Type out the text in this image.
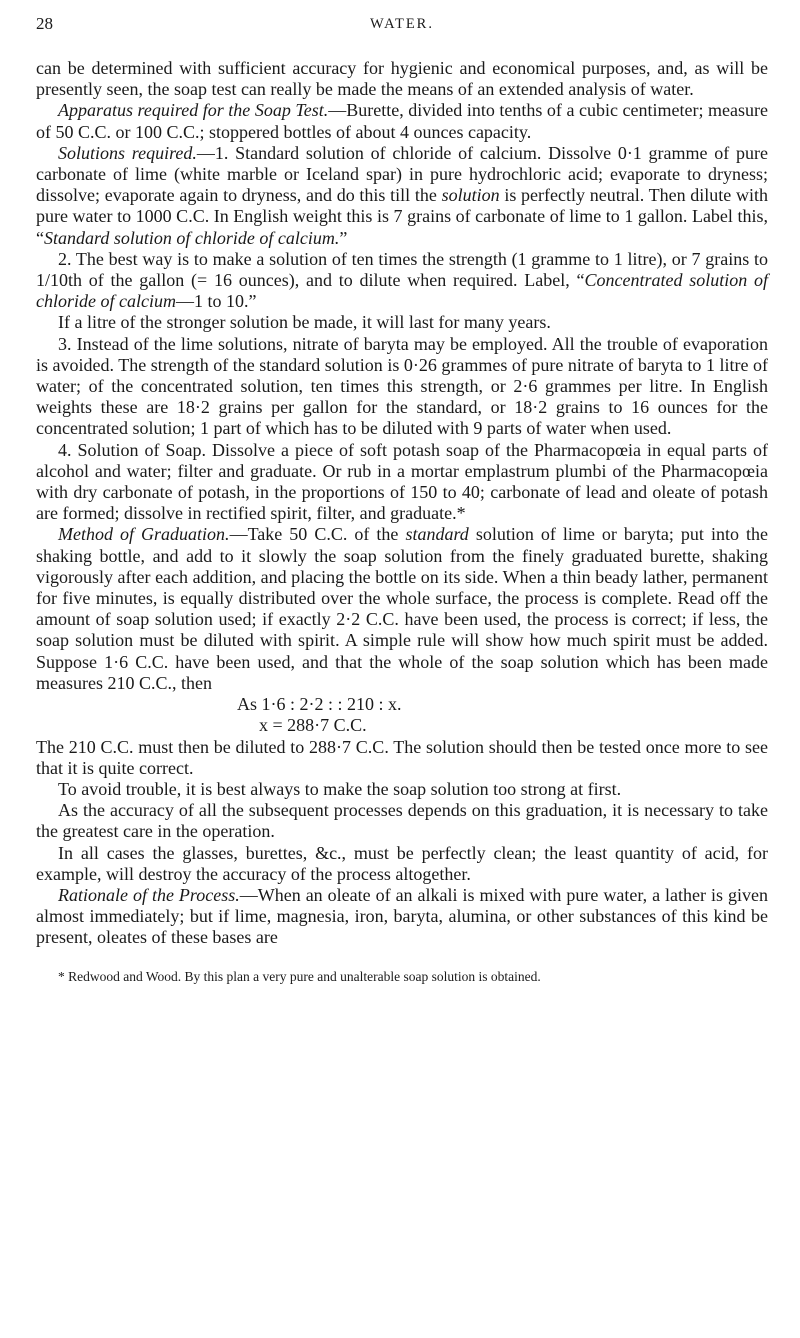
28	WATER.

can be determined with sufficient accuracy for hygienic and economical purposes, and, as will be presently seen, the soap test can really be made the means of an extended analysis of water.

Apparatus required for the Soap Test.—Burette, divided into tenths of a cubic centimeter; measure of 50 C.C. or 100 C.C.; stoppered bottles of about 4 ounces capacity.

Solutions required.—1. Standard solution of chloride of calcium. Dissolve 0·1 gramme of pure carbonate of lime (white marble or Iceland spar) in pure hydrochloric acid; evaporate to dryness; dissolve; evaporate again to dryness, and do this till the solution is perfectly neutral. Then dilute with pure water to 1000 C.C. In English weight this is 7 grains of carbonate of lime to 1 gallon. Label this, “Standard solution of chloride of calcium.”

2. The best way is to make a solution of ten times the strength (1 gramme to 1 litre), or 7 grains to 1/10th of the gallon (= 16 ounces), and to dilute when required. Label, “Concentrated solution of chloride of calcium—1 to 10.”

If a litre of the stronger solution be made, it will last for many years.

3. Instead of the lime solutions, nitrate of baryta may be employed. All the trouble of evaporation is avoided. The strength of the standard solution is 0·26 grammes of pure nitrate of baryta to 1 litre of water; of the concentrated solution, ten times this strength, or 2·6 grammes per litre. In English weights these are 18·2 grains per gallon for the standard, or 18·2 grains to 16 ounces for the concentrated solution; 1 part of which has to be diluted with 9 parts of water when used.

4. Solution of Soap. Dissolve a piece of soft potash soap of the Pharmacopœia in equal parts of alcohol and water; filter and graduate. Or rub in a mortar emplastrum plumbi of the Pharmacopœia with dry carbonate of potash, in the proportions of 150 to 40; carbonate of lead and oleate of potash are formed; dissolve in rectified spirit, filter, and graduate.*

Method of Graduation.—Take 50 C.C. of the standard solution of lime or baryta; put into the shaking bottle, and add to it slowly the soap solution from the finely graduated burette, shaking vigorously after each addition, and placing the bottle on its side. When a thin beady lather, permanent for five minutes, is equally distributed over the whole surface, the process is complete. Read off the amount of soap solution used; if exactly 2·2 C.C. have been used, the process is correct; if less, the soap solution must be diluted with spirit. A simple rule will show how much spirit must be added. Suppose 1·6 C.C. have been used, and that the whole of the soap solution which has been made measures 210 C.C., then

As 1·6 : 2·2 : : 210 : x.
x = 288·7 C.C.

The 210 C.C. must then be diluted to 288·7 C.C. The solution should then be tested once more to see that it is quite correct.

To avoid trouble, it is best always to make the soap solution too strong at first.

As the accuracy of all the subsequent processes depends on this graduation, it is necessary to take the greatest care in the operation.

In all cases the glasses, burettes, &c., must be perfectly clean; the least quantity of acid, for example, will destroy the accuracy of the process altogether.

Rationale of the Process.—When an oleate of an alkali is mixed with pure water, a lather is given almost immediately; but if lime, magnesia, iron, baryta, alumina, or other substances of this kind be present, oleates of these bases are

* Redwood and Wood. By this plan a very pure and unalterable soap solution is obtained.
